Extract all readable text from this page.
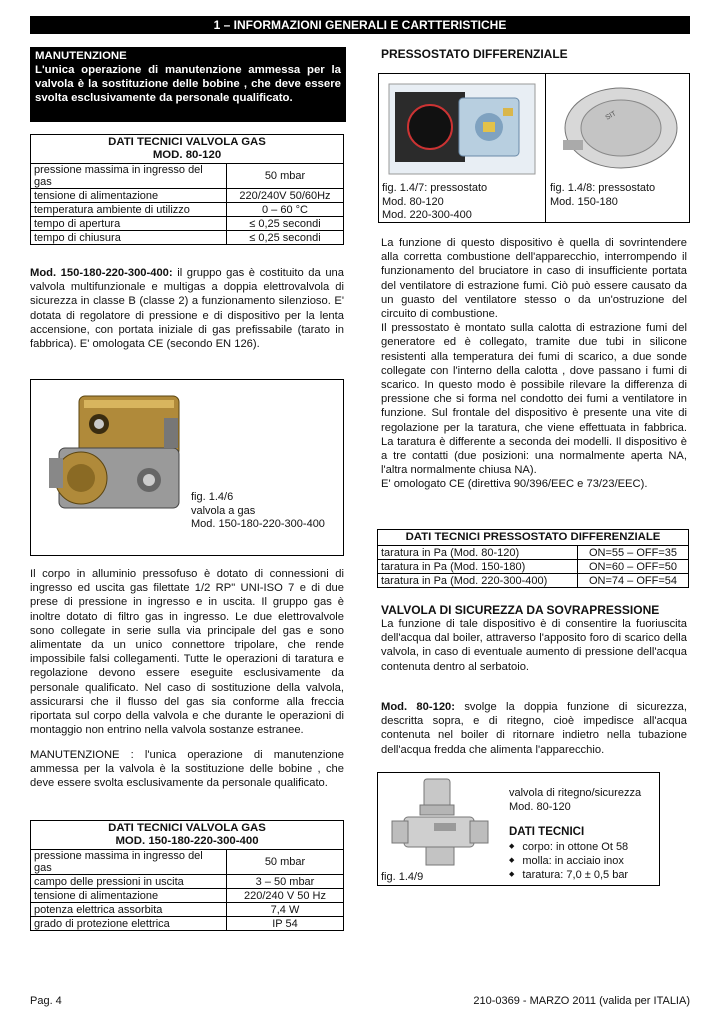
1 – INFORMAZIONI GENERALI E CARTTERISTICHE
MANUTENZIONE
L'unica operazione di manutenzione ammessa per la valvola è la sostituzione delle bobine , che deve essere svolta esclusivamente da personale qualificato.
DATI TECNICI VALVOLA GAS
MOD. 80-120
pressione massima in ingresso del gas	50 mbar
tensione di alimentazione	220/240V 50/60Hz
temperatura ambiente di utilizzo	0 – 60 °C
tempo di apertura	≤ 0,25 secondi
tempo di chiusura	≤ 0,25 secondi
Mod. 150-180-220-300-400: il gruppo gas è costituito da una valvola multifunzionale e multigas a doppia elettrovalvola di sicurezza in classe B (classe 2) a funzionamento silenzioso. E' dotata di regolatore di pressione e di dispositivo per la lenta accensione, con portata iniziale di gas prefissabile (tarato in fabbrica). E' omologata CE (secondo EN 126).
fig. 1.4/6
valvola a gas
Mod. 150-180-220-300-400
Il corpo in alluminio pressofuso è dotato di connessioni di ingresso ed uscita gas filettate 1/2 RP" UNI-ISO 7 e di due prese di pressione in ingresso e in uscita. Il gruppo gas è inoltre dotato di filtro gas in ingresso. Le due elettrovalvole sono collegate in serie sulla via principale del gas e sono alimentate da un unico connettore tripolare, che rende impossibile falsi collegamenti. Tutte le operazioni di taratura e regolazione devono essere eseguite esclusivamente da personale qualificato. Nel caso di sostituzione della valvola, assicurarsi che il flusso del gas sia conforme alla freccia riportata sul corpo della valvola e che durante le operazioni di montaggio non entrino nella valvola sostanze estranee.
MANUTENZIONE : l'unica operazione di manutenzione ammessa per la valvola è la sostituzione delle bobine , che deve essere svolta esclusivamente da personale qualificato.
DATI TECNICI VALVOLA GAS
MOD. 150-180-220-300-400
pressione massima in ingresso del gas	50 mbar
campo delle pressioni in uscita	3 – 50 mbar
tensione di alimentazione	220/240 V 50 Hz
potenza elettrica assorbita	7,4 W
grado di protezione elettrica	IP 54
PRESSOSTATO DIFFERENZIALE
SIT
fig. 1.4/7: pressostato
Mod. 80-120
Mod. 220-300-400
fig. 1.4/8: pressostato
Mod. 150-180
La funzione di questo dispositivo è quella di sovrintendere alla corretta combustione dell'apparecchio, interrompendo il funzionamento del bruciatore in caso di insufficiente portata del ventilatore di estrazione fumi. Ciò può essere causato da un guasto del ventilatore stesso o da un'ostruzione del circuito di combustione.
Il pressostato è montato sulla calotta di estrazione fumi del generatore ed è collegato, tramite due tubi in silicone resistenti alla temperatura dei fumi di scarico, a due sonde collegate con l'interno della calotta , dove passano i fumi di scarico. In questo modo è possibile rilevare la differenza di pressione che si forma nel condotto dei fumi a ventilatore in funzione. Sul frontale del dispositivo è presente una vite di regolazione per la taratura, che viene effettuata in fabbrica. La taratura è differente a seconda dei modelli. Il dispositivo è a tre contatti (due posizioni: una normalmente aperta NA, l'altra normalmente chiusa NA).
E' omologato CE (direttiva 90/396/EEC e 73/23/EEC).
DATI TECNICI PRESSOSTATO DIFFERENZIALE
taratura in Pa (Mod. 80-120)	ON=55 – OFF=35
taratura in Pa (Mod. 150-180)	ON=60 – OFF=50
taratura in Pa (Mod. 220-300-400)	ON=74 – OFF=54
VALVOLA DI SICUREZZA DA SOVRAPRESSIONE
La funzione di tale dispositivo è di consentire la fuoriuscita dell'acqua dal boiler, attraverso l'apposito foro di scarico della valvola, in caso di eventuale aumento di pressione dell'acqua contenuta dentro al serbatoio.
Mod. 80-120: svolge la doppia funzione di sicurezza, descritta sopra, e di ritegno, cioè impedisce all'acqua contenuta nel boiler di ritornare indietro nella tubazione dell'acqua fredda che alimenta l'apparecchio.
fig. 1.4/9
valvola di ritegno/sicurezza
Mod. 80-120
DATI TECNICI
◆ corpo: in ottone Ot 58
◆ molla: in acciaio inox
◆ taratura: 7,0 ± 0,5 bar
Pag. 4	210-0369 - MARZO 2011 (valida per ITALIA)
